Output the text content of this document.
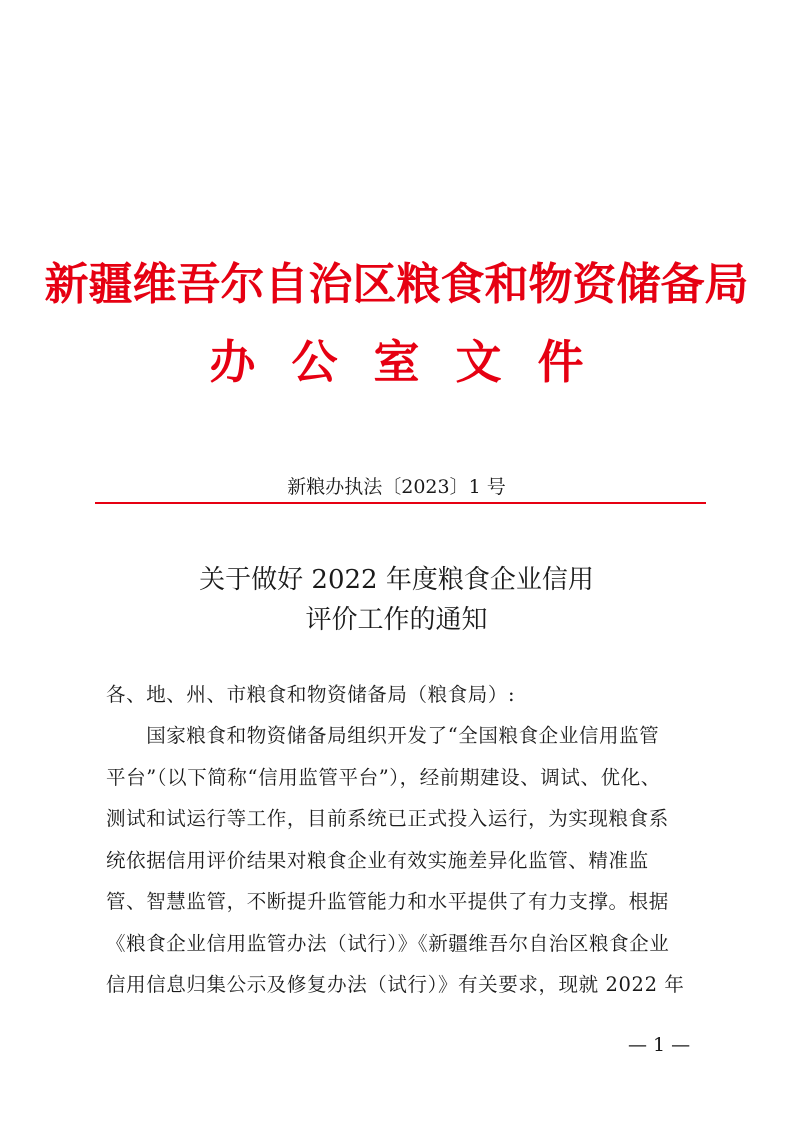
新疆维吾尔自治区粮食和物资储备局
办公室文件
新粮办执法〔2023〕1 号
关于做好 2022 年度粮食企业信用
评价工作的通知
各、地、州、市粮食和物资储备局（粮食局）:
　　国家粮食和物资储备局组织开发了“全国粮食企业信用监管
平台”（以下简称“信用监管平台”），经前期建设、调试、优化、
测试和试运行等工作，目前系统已正式投入运行，为实现粮食系
统依据信用评价结果对粮食企业有效实施差异化监管、精准监
管、智慧监管，不断提升监管能力和水平提供了有力支撑。根据
《粮食企业信用监管办法（试行）》《新疆维吾尔自治区粮食企业
信用信息归集公示及修复办法（试行）》有关要求，现就 2022 年
— 1 —
